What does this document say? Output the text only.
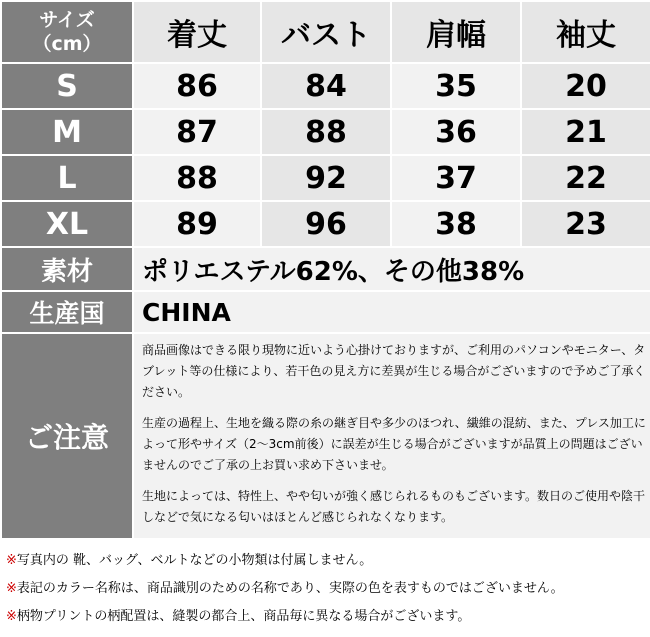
サイズ
（cm）	着丈	バスト	肩幅	袖丈
S	86	84	35	20
M	87	88	36	21
L	88	92	37	22
XL	89	96	38	23
素材	ポリエステル62%、その他38%			
生産国	CHINA			
ご注意	商品画像はできる限り現物に近いよう心掛けておりますが、ご利用のパソコンやモニター、タブレット等の仕様により、若干色の見え方に差異が生じる場合がございますので予めご了承ください。

生産の過程上、生地を織る際の糸の継ぎ目や多少のほつれ、繊維の混紡、また、プレス加工によって形やサイズ（2〜3cm前後）に誤差が生じる場合がございますが品質上の問題はございませんのでご了承の上お買い求め下さいませ。

生地によっては、特性上、やや匂いが強く感じられるものもございます。数日のご使用や陰干しなどで気になる匂いはほとんど感じられなくなります。			

※写真内の 靴、バッグ、ベルトなどの小物類は付属しません。
※表記のカラー名称は、商品識別のための名称であり、実際の色を表すものではございません。
※柄物プリントの柄配置は、縫製の都合上、商品毎に異なる場合がございます。
